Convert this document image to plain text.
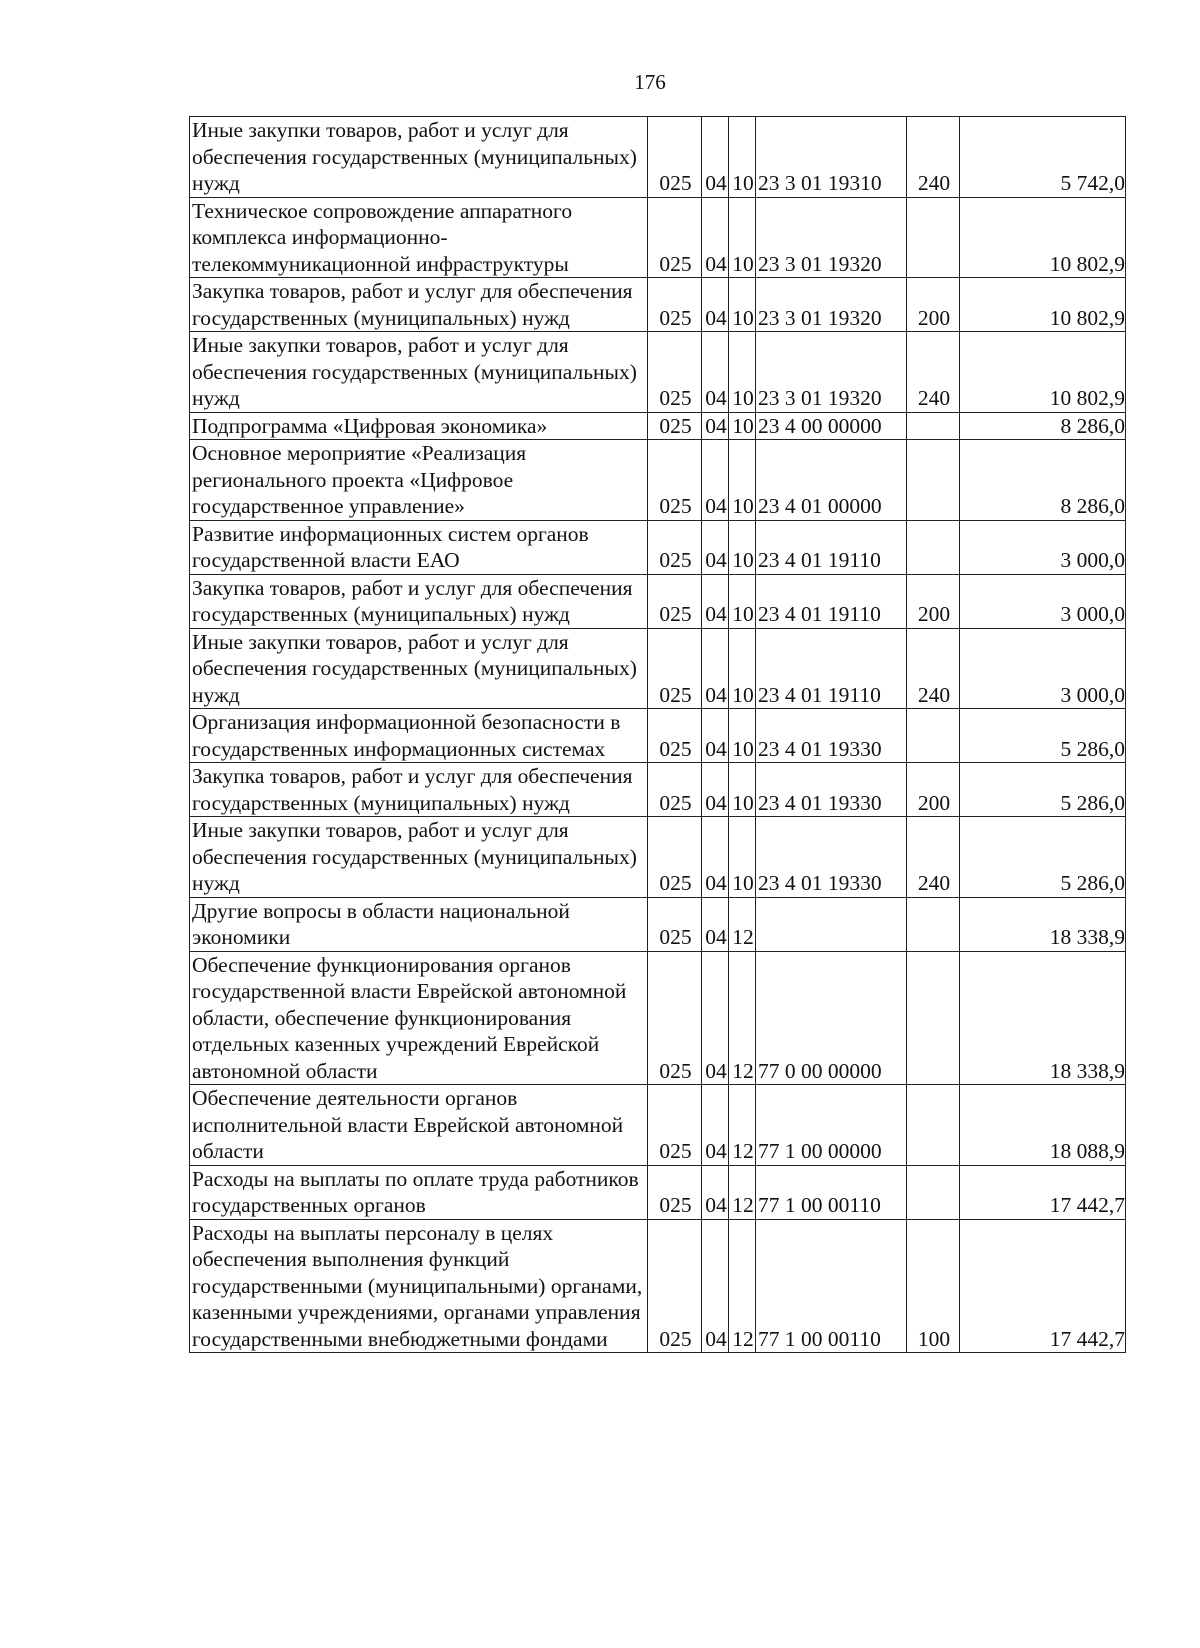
176
Иные закупки товаров, работ и услуг для обеспечения государственных (муниципальных) нужд	025	04	10	23 3 01 19310	240	5 742,0
Техническое сопровождение аппаратного комплекса информационно-телекоммуникационной инфраструктуры	025	04	10	23 3 01 19320		10 802,9
Закупка товаров, работ и услуг для обеспечения государственных (муниципальных) нужд	025	04	10	23 3 01 19320	200	10 802,9
Иные закупки товаров, работ и услуг для обеспечения государственных (муниципальных) нужд	025	04	10	23 3 01 19320	240	10 802,9
Подпрограмма «Цифровая экономика»	025	04	10	23 4 00 00000		8 286,0
Основное мероприятие «Реализация регионального проекта «Цифровое государственное управление»	025	04	10	23 4 01 00000		8 286,0
Развитие информационных систем органов государственной власти ЕАО	025	04	10	23 4 01 19110		3 000,0
Закупка товаров, работ и услуг для обеспечения государственных (муниципальных) нужд	025	04	10	23 4 01 19110	200	3 000,0
Иные закупки товаров, работ и услуг для обеспечения государственных (муниципальных) нужд	025	04	10	23 4 01 19110	240	3 000,0
Организация информационной безопасности в государственных информационных системах	025	04	10	23 4 01 19330		5 286,0
Закупка товаров, работ и услуг для обеспечения государственных (муниципальных) нужд	025	04	10	23 4 01 19330	200	5 286,0
Иные закупки товаров, работ и услуг для обеспечения государственных (муниципальных) нужд	025	04	10	23 4 01 19330	240	5 286,0
Другие вопросы в области национальной экономики	025	04	12			18 338,9
Обеспечение функционирования органов государственной власти Еврейской автономной области, обеспечение функционирования отдельных казенных учреждений Еврейской автономной области	025	04	12	77 0 00 00000		18 338,9
Обеспечение деятельности органов исполнительной власти Еврейской автономной области	025	04	12	77 1 00 00000		18 088,9
Расходы на выплаты по оплате труда работников государственных органов	025	04	12	77 1 00 00110		17 442,7
Расходы на выплаты персоналу в целях обеспечения выполнения функций государственными (муниципальными) органами, казенными учреждениями, органами управления государственными внебюджетными фондами	025	04	12	77 1 00 00110	100	17 442,7
